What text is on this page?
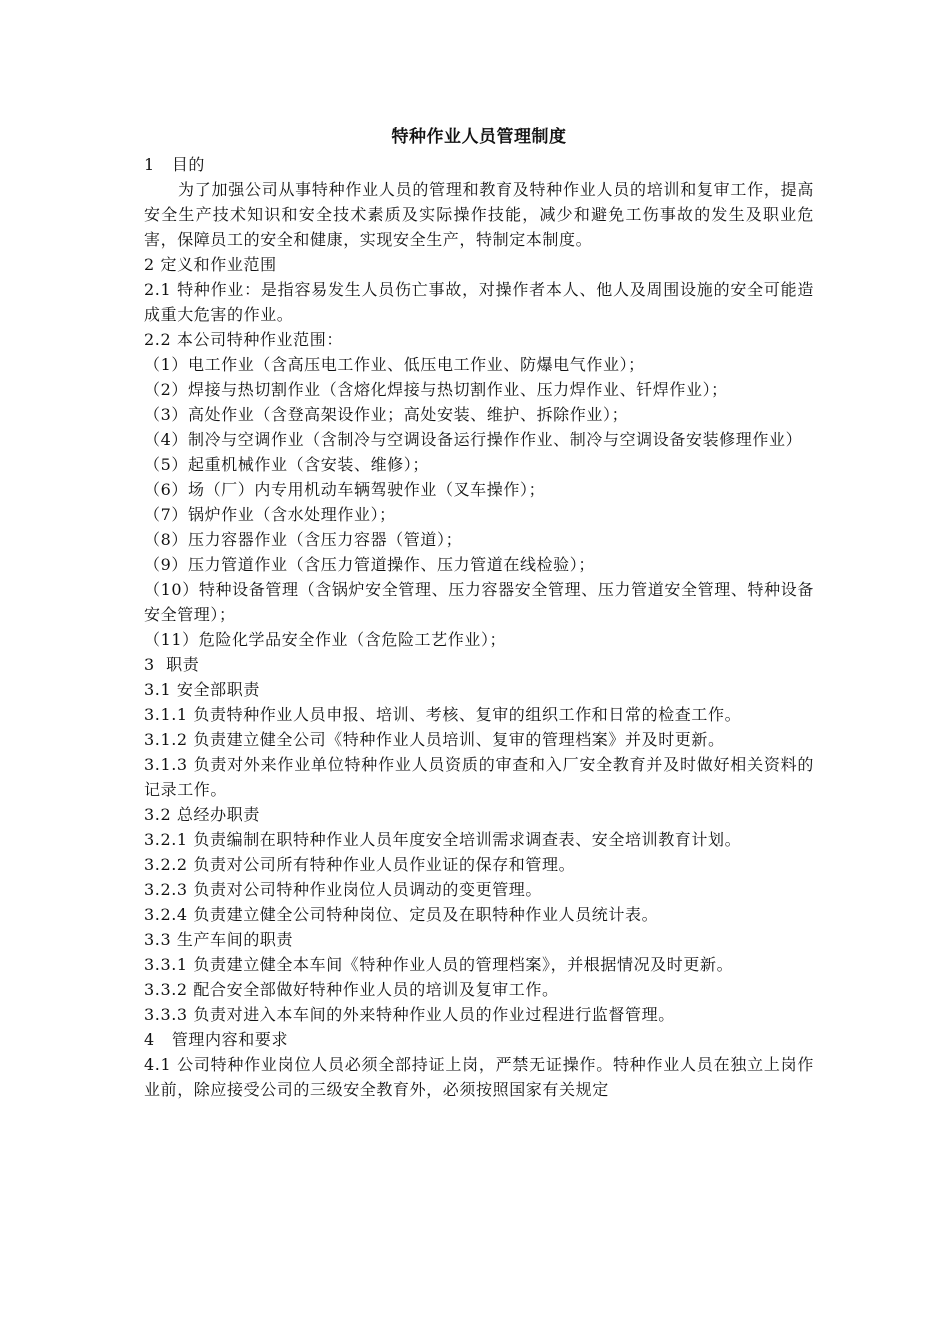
特种作业人员管理制度
1   目的
为了加强公司从事特种作业人员的管理和教育及特种作业人员的培训和复审工作，提高安全生产技术知识和安全技术素质及实际操作技能，减少和避免工伤事故的发生及职业危害，保障员工的安全和健康，实现安全生产，特制定本制度。
2 定义和作业范围
2.1 特种作业：是指容易发生人员伤亡事故，对操作者本人、他人及周围设施的安全可能造成重大危害的作业。
2.2 本公司特种作业范围：
（1）电工作业（含高压电工作业、低压电工作业、防爆电气作业）；
（2）焊接与热切割作业（含熔化焊接与热切割作业、压力焊作业、钎焊作业）；
（3）高处作业（含登高架设作业；高处安装、维护、拆除作业）；
（4）制冷与空调作业（含制冷与空调设备运行操作作业、制冷与空调设备安装修理作业）
（5）起重机械作业（含安装、维修）；
（6）场（厂）内专用机动车辆驾驶作业（叉车操作）；
（7）锅炉作业（含水处理作业）；
（8）压力容器作业（含压力容器（管道）；
（9）压力管道作业（含压力管道操作、压力管道在线检验）；
（10）特种设备管理（含锅炉安全管理、压力容器安全管理、压力管道安全管理、特种设备安全管理）；
（11）危险化学品安全作业（含危险工艺作业）；
3  职责
3.1 安全部职责
3.1.1 负责特种作业人员申报、培训、考核、复审的组织工作和日常的检查工作。
3.1.2 负责建立健全公司《特种作业人员培训、复审的管理档案》并及时更新。
3.1.3 负责对外来作业单位特种作业人员资质的审查和入厂安全教育并及时做好相关资料的记录工作。
3.2 总经办职责
3.2.1 负责编制在职特种作业人员年度安全培训需求调查表、安全培训教育计划。
3.2.2 负责对公司所有特种作业人员作业证的保存和管理。
3.2.3 负责对公司特种作业岗位人员调动的变更管理。
3.2.4 负责建立健全公司特种岗位、定员及在职特种作业人员统计表。
3.3 生产车间的职责
3.3.1 负责建立健全本车间《特种作业人员的管理档案》，并根据情况及时更新。
3.3.2 配合安全部做好特种作业人员的培训及复审工作。
3.3.3 负责对进入本车间的外来特种作业人员的作业过程进行监督管理。
4   管理内容和要求
4.1 公司特种作业岗位人员必须全部持证上岗，严禁无证操作。特种作业人员在独立上岗作业前，除应接受公司的三级安全教育外，必须按照国家有关规定
